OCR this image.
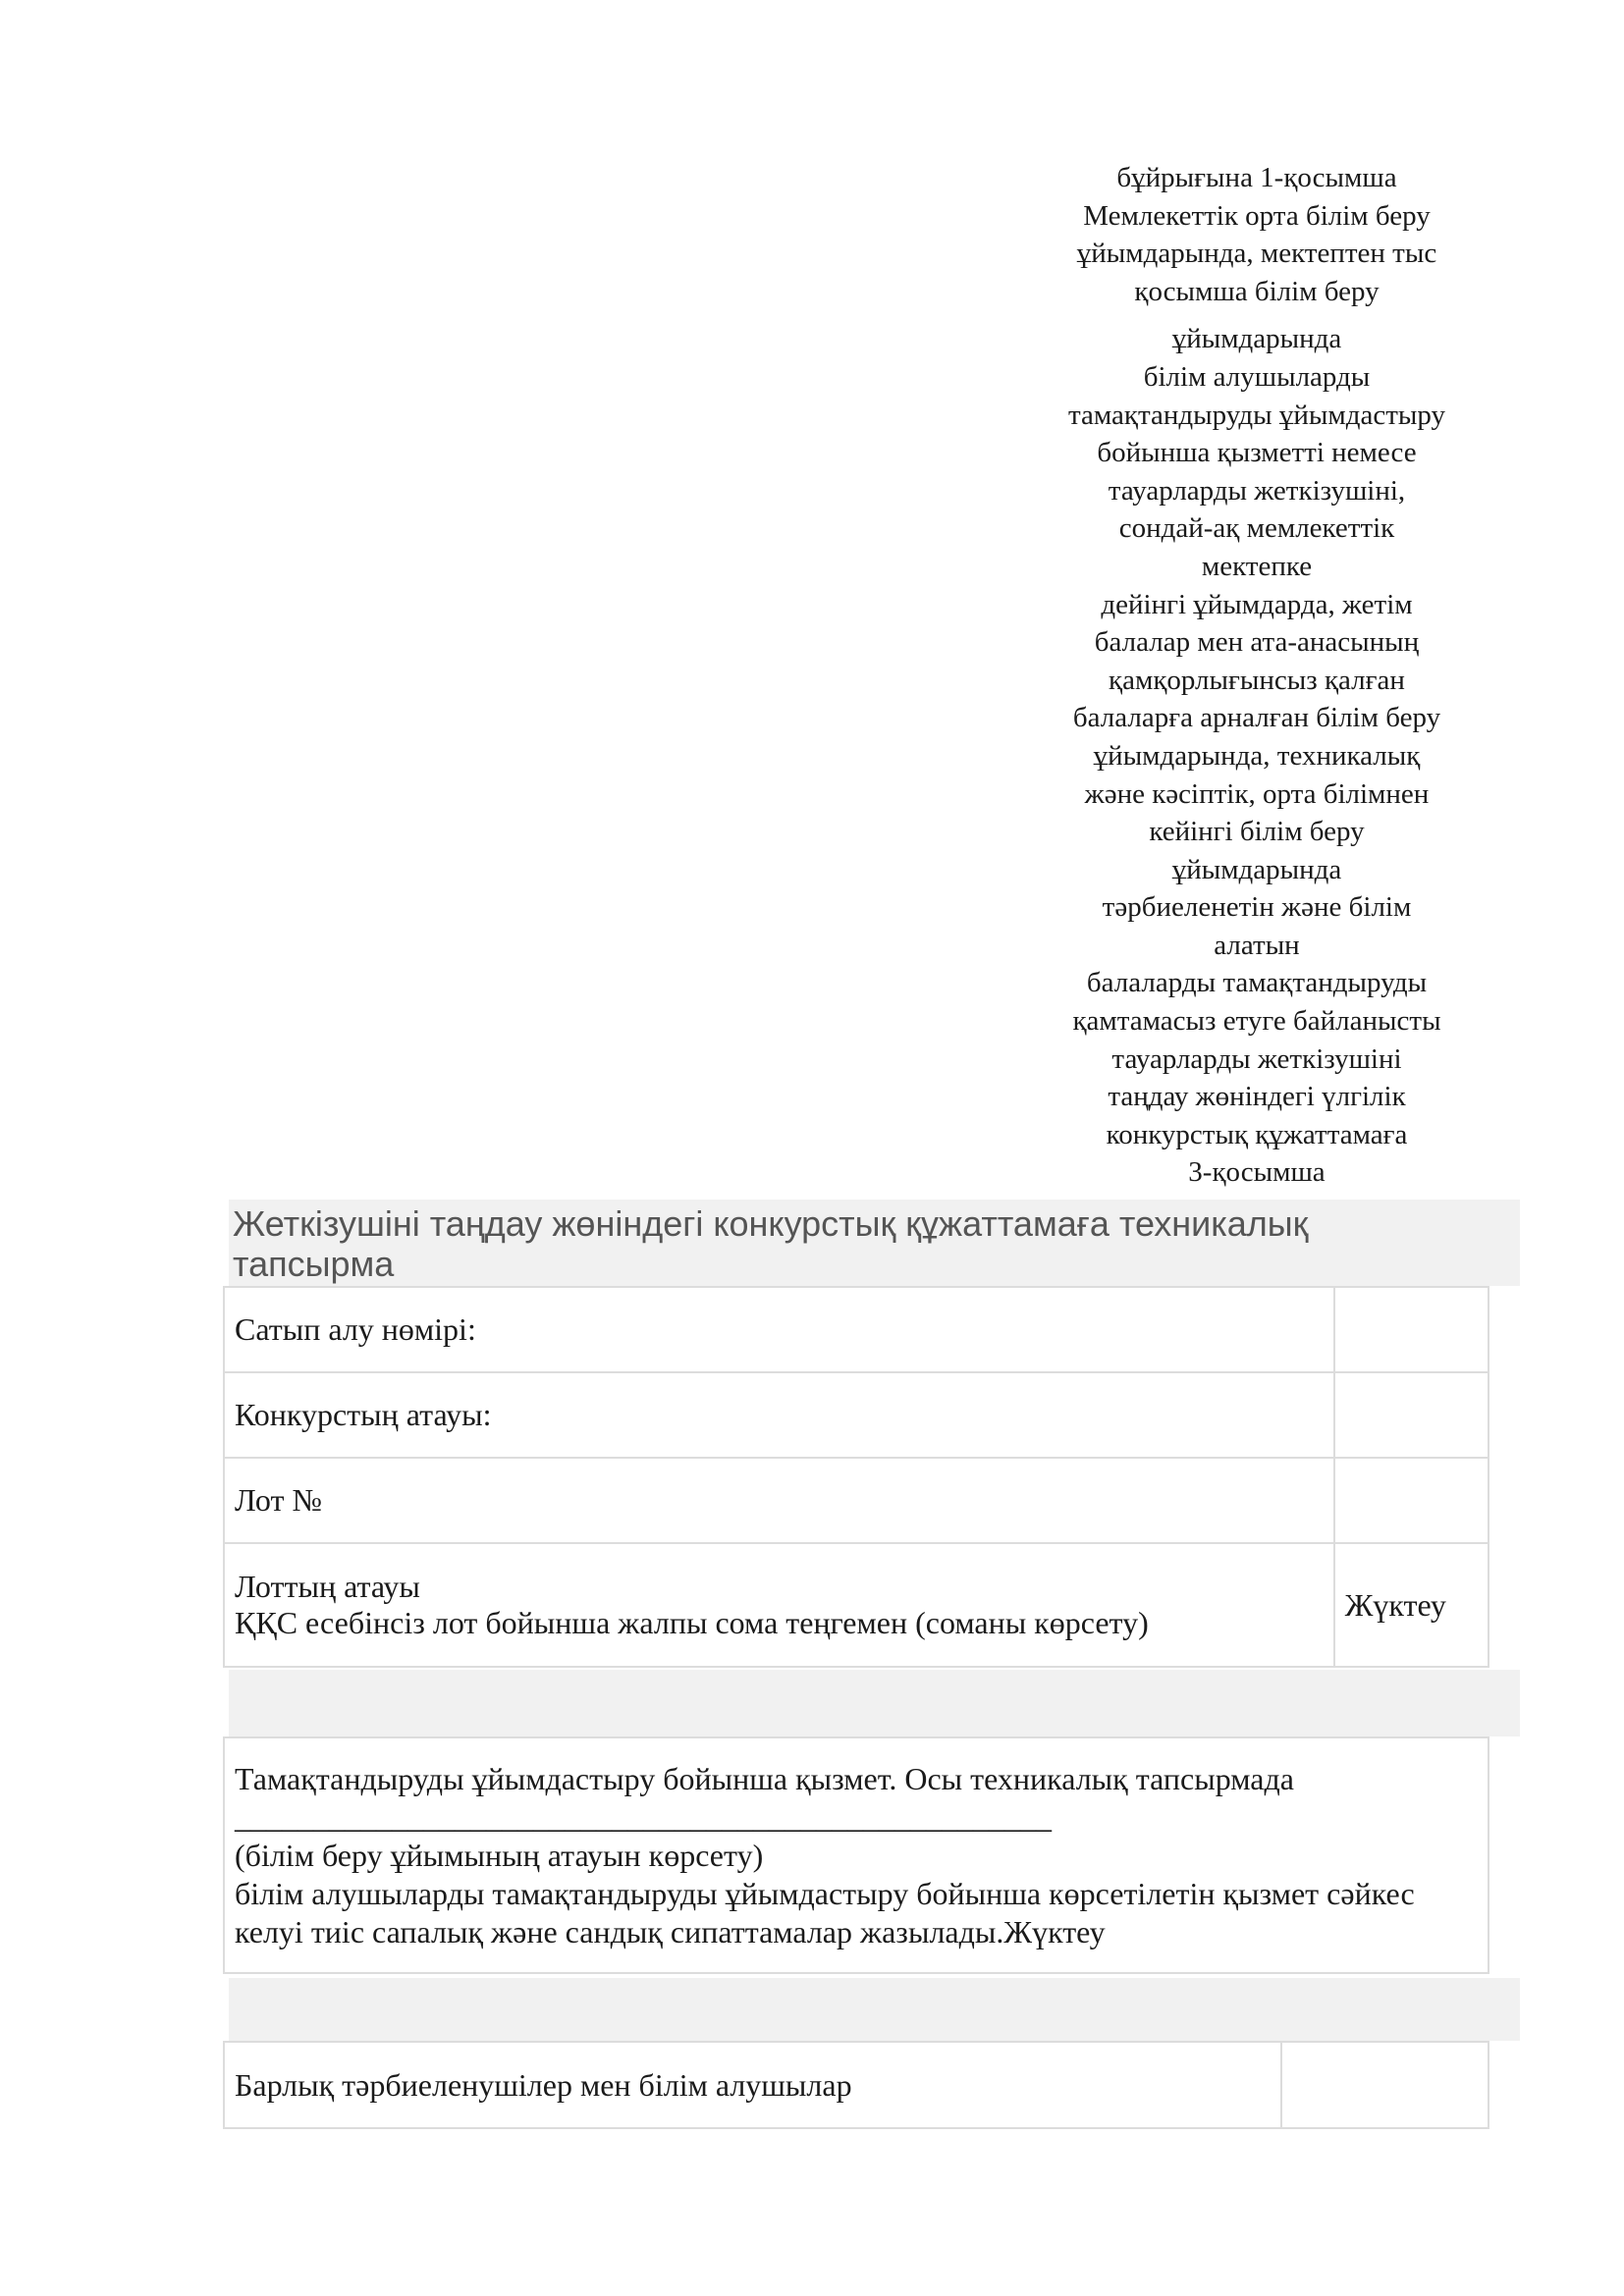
бұйрығына 1-қосымша
Мемлекеттік орта білім беру
ұйымдарында, мектептен тыс
қосымша білім беру
ұйымдарында
білім алушыларды
тамақтандыруды ұйымдастыру
бойынша қызметті немесе
тауарларды жеткізушіні,
сондай-ақ мемлекеттік
мектепке
дейінгі ұйымдарда, жетім
балалар мен ата-анасының
қамқорлығынсыз қалған
балаларға арналған білім беру
ұйымдарында, техникалық
және кәсіптік, орта білімнен
кейінгі білім беру
ұйымдарында
тәрбиеленетін және білім
алатын
балаларды тамақтандыруды
қамтамасыз етуге байланысты
тауарларды жеткізушіні
таңдау жөніндегі үлгілік
конкурстық құжаттамаға
3-қосымша
Жеткізушіні таңдау жөніндегі конкурстық құжаттамаға техникалық тапсырма
Сатып алу нөмірі:	
Конкурстың атауы:	
Лот №	

Лоттың атауы
ҚҚС есебінсіз лот бойынша жалпы сома теңгемен (соманы көрсету)	Жүктеу
Тамақтандыруды ұйымдастыру бойынша қызмет. Осы техникалық тапсырмада
____________________________________________________
(білім беру ұйымының атауын көрсету)
білім алушыларды тамақтандыруды ұйымдастыру бойынша көрсетілетін қызмет сәйкес келуі тиіс сапалық және сандық сипаттамалар жазылады.Жүктеу
Барлық тәрбиеленушілер мен білім алушылар	
